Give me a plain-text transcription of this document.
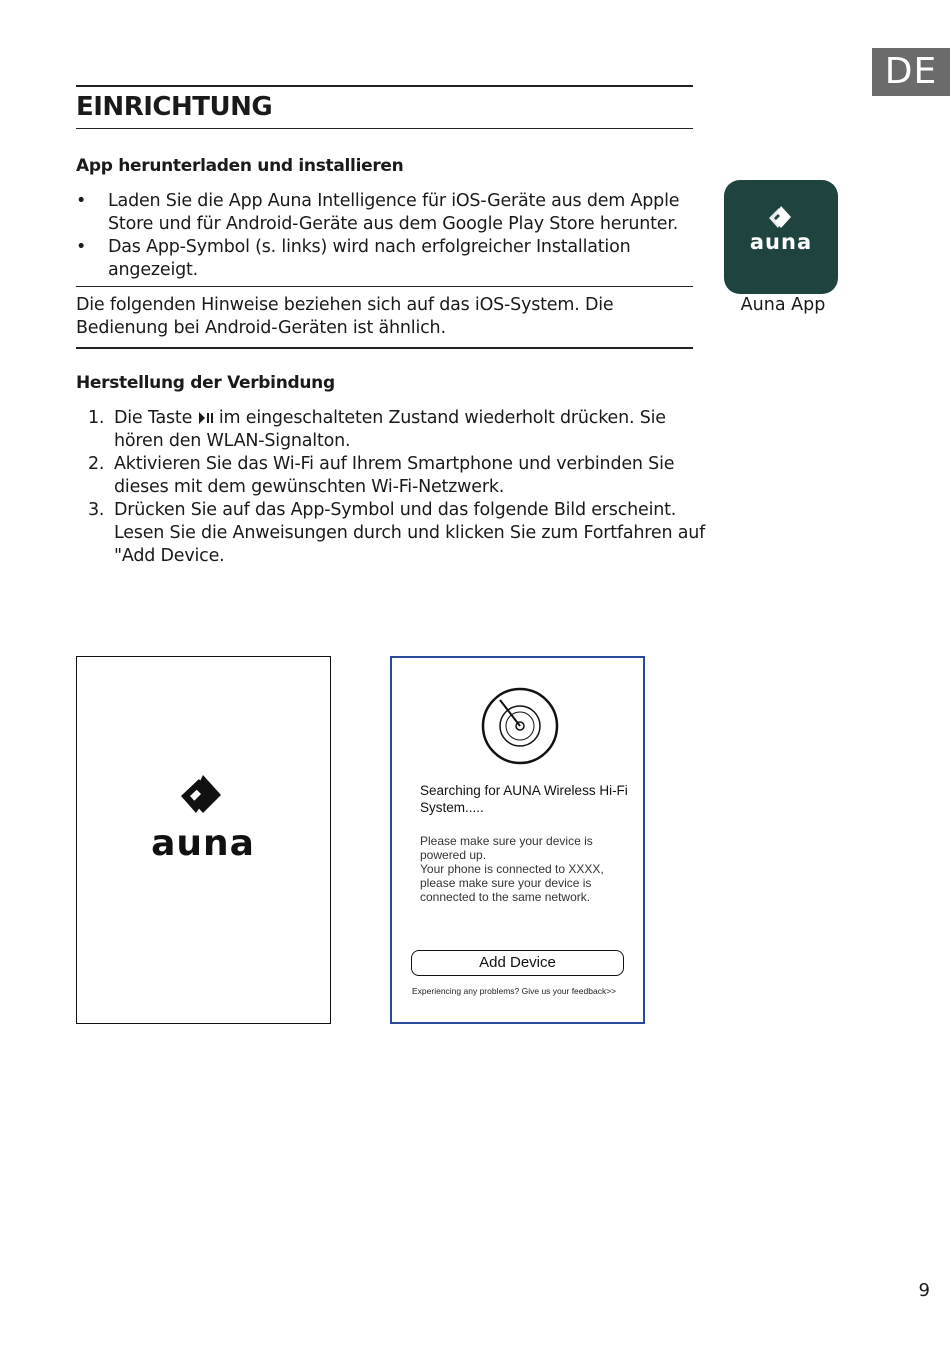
DE
EINRICHTUNG
App herunterladen und installieren
• Laden Sie die App Auna Intelligence für iOS-Geräte aus dem Apple Store und für Android-Geräte aus dem Google Play Store herunter.
• Das App-Symbol (s. links) wird nach erfolgreicher Installation angezeigt.

Die folgenden Hinweise beziehen sich auf das iOS-System. Die Bedienung bei Android-Geräten ist ähnlich.

auna
Auna App
Herstellung der Verbindung
1. Die Taste  im eingeschalteten Zustand wiederholt drücken. Sie hören den WLAN-Signalton.
2. Aktivieren Sie das Wi-Fi auf Ihrem Smartphone und verbinden Sie dieses mit dem gewünschten Wi-Fi-Netzwerk.
3. Drücken Sie auf das App-Symbol und das folgende Bild erscheint. Lesen Sie die Anweisungen durch und klicken Sie zum Fortfahren auf "Add Device.
auna

Searching for AUNA Wireless Hi-Fi System.....

Please make sure your device is powered up.
Your phone is connected to XXXX, please make sure your device is connected to the same network.

Add Device
Experiencing any problems? Give us your feedback>>
9
